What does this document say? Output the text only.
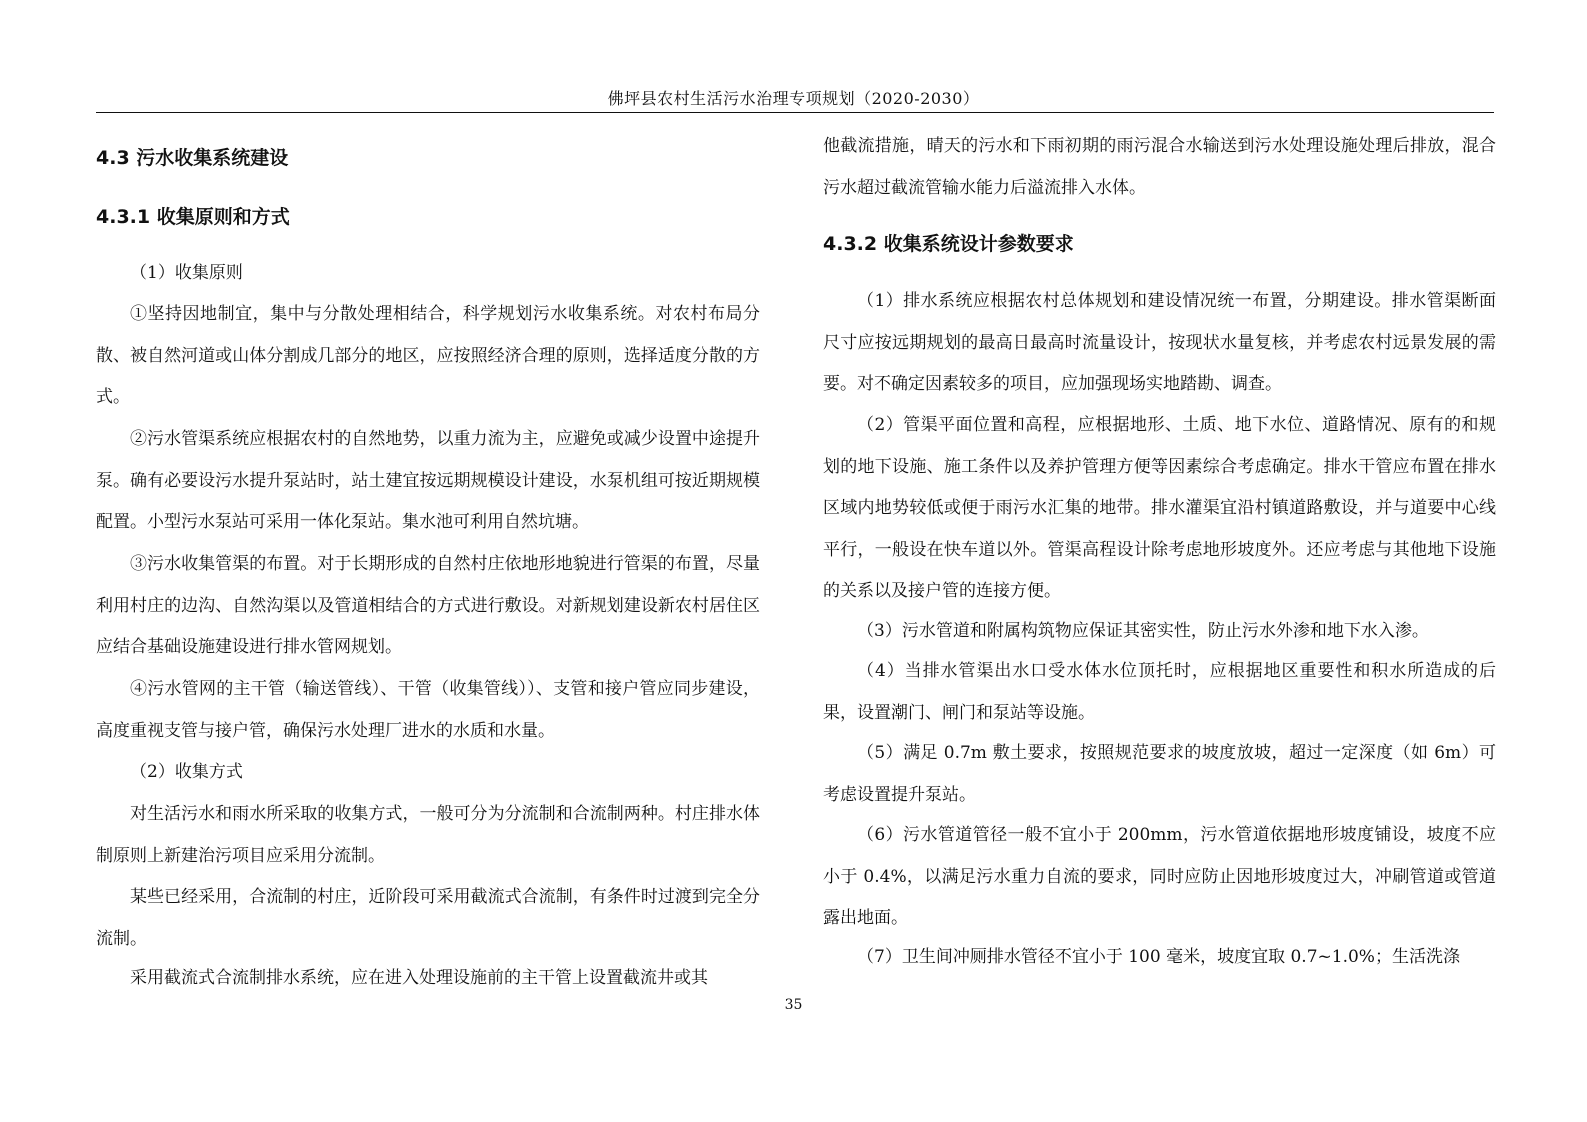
佛坪县农村生活污水治理专项规划（2020-2030）
4.3 污水收集系统建设
4.3.1 收集原则和方式

（1）收集原则

①坚持因地制宜，集中与分散处理相结合，科学规划污水收集系统。对农村布局分散、被自然河道或山体分割成几部分的地区，应按照经济合理的原则，选择适度分散的方式。

②污水管渠系统应根据农村的自然地势，以重力流为主，应避免或减少设置中途提升泵。确有必要设污水提升泵站时，站土建宜按远期规模设计建设，水泵机组可按近期规模配置。小型污水泵站可采用一体化泵站。集水池可利用自然坑塘。

③污水收集管渠的布置。对于长期形成的自然村庄依地形地貌进行管渠的布置，尽量利用村庄的边沟、自然沟渠以及管道相结合的方式进行敷设。对新规划建设新农村居住区应结合基础设施建设进行排水管网规划。

④污水管网的主干管（输送管线）、干管（收集管线））、支管和接户管应同步建设，高度重视支管与接户管，确保污水处理厂进水的水质和水量。

（2）收集方式

对生活污水和雨水所采取的收集方式，一般可分为分流制和合流制两种。村庄排水体制原则上新建治污项目应采用分流制。

某些已经采用，合流制的村庄，近阶段可采用截流式合流制，有条件时过渡到完全分流制。

采用截流式合流制排水系统，应在进入处理设施前的主干管上设置截流井或其

他截流措施，晴天的污水和下雨初期的雨污混合水输送到污水处理设施处理后排放，混合污水超过截流管输水能力后溢流排入水体。

4.3.2 收集系统设计参数要求

（1）排水系统应根据农村总体规划和建设情况统一布置，分期建设。排水管渠断面尺寸应按远期规划的最高日最高时流量设计，按现状水量复核，并考虑农村远景发展的需要。对不确定因素较多的项目，应加强现场实地踏勘、调查。

（2）管渠平面位置和高程，应根据地形、土质、地下水位、道路情况、原有的和规划的地下设施、施工条件以及养护管理方便等因素综合考虑确定。排水干管应布置在排水区域内地势较低或便于雨污水汇集的地带。排水灌渠宜沿村镇道路敷设，并与道要中心线平行，一般设在快车道以外。管渠高程设计除考虑地形坡度外。还应考虑与其他地下设施的关系以及接户管的连接方便。

（3）污水管道和附属构筑物应保证其密实性，防止污水外渗和地下水入渗。

（4）当排水管渠出水口受水体水位顶托时，应根据地区重要性和积水所造成的后果，设置潮门、闸门和泵站等设施。

（5）满足 0.7m 敷土要求，按照规范要求的坡度放坡，超过一定深度（如 6m）可考虑设置提升泵站。

（6）污水管道管径一般不宜小于 200mm，污水管道依据地形坡度铺设，坡度不应小于 0.4%，以满足污水重力自流的要求，同时应防止因地形坡度过大，冲刷管道或管道露出地面。

（7）卫生间冲厕排水管径不宜小于 100 毫米，坡度宜取 0.7~1.0%；生活洗涤

35
